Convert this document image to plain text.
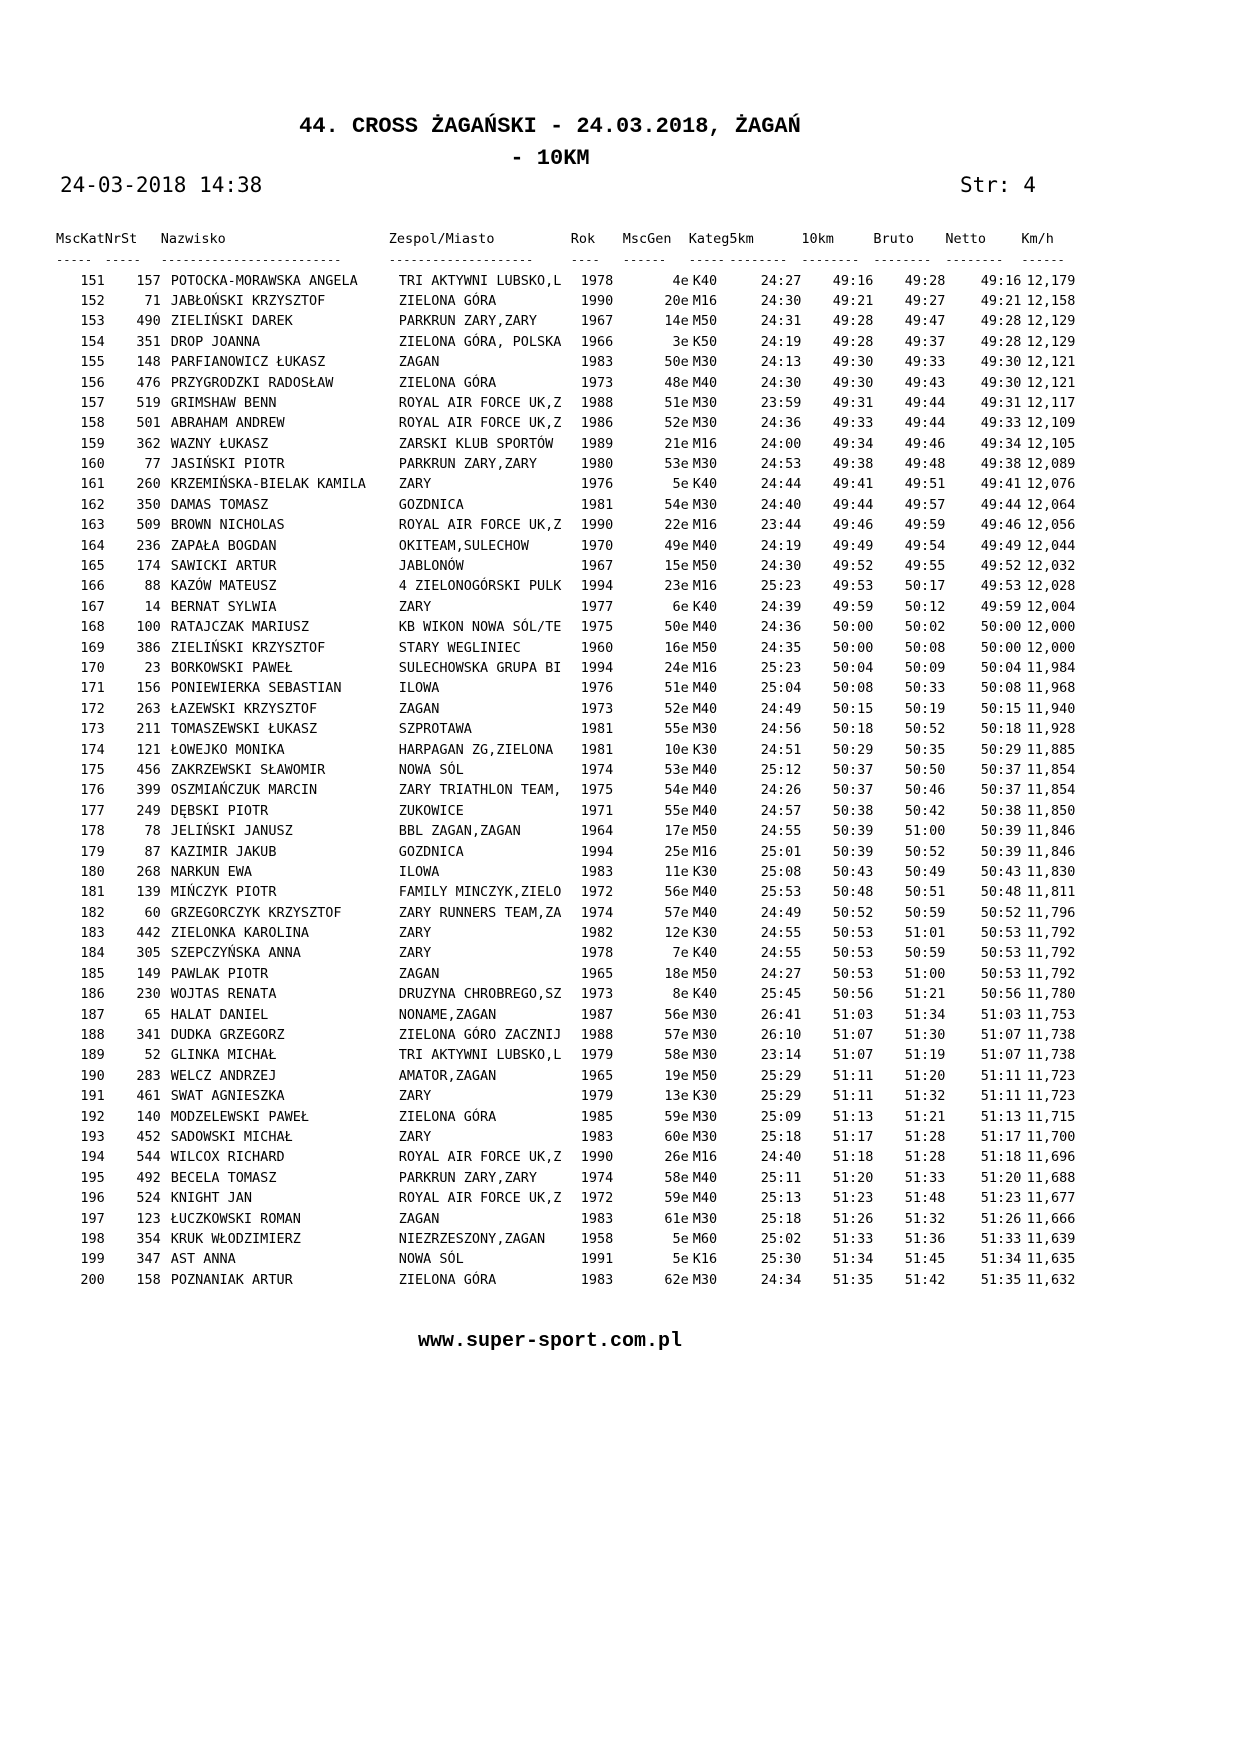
44. CROSS ŻAGAŃSKI - 24.03.2018, ŻAGAŃ
- 10KM
24-03-2018 14:38	Str: 4
MscKat	NrSt	Nazwisko	Zespol/Miasto	Rok	MscGen	Kateg	5km	10km	Bruto	Netto	Km/h
-----	-----	-------------------------	--------------------	----	------	-----	--------	--------	--------	--------	------
151	157	POTOCKA-MORAWSKA ANGELA	TRI AKTYWNI LUBSKO,L	1978	4e	K40	24:27	49:16	49:28	49:16	12,179
152	71	JABŁOŃSKI KRZYSZTOF	ZIELONA GÓRA	1990	20e	M16	24:30	49:21	49:27	49:21	12,158
153	490	ZIELIŃSKI DAREK	PARKRUN ZARY,ZARY	1967	14e	M50	24:31	49:28	49:47	49:28	12,129
154	351	DROP JOANNA	ZIELONA GÓRA, POLSKA	1966	3e	K50	24:19	49:28	49:37	49:28	12,129
155	148	PARFIANOWICZ ŁUKASZ	ZAGAN	1983	50e	M30	24:13	49:30	49:33	49:30	12,121
156	476	PRZYGRODZKI RADOSŁAW	ZIELONA GÓRA	1973	48e	M40	24:30	49:30	49:43	49:30	12,121
157	519	GRIMSHAW BENN	ROYAL AIR FORCE UK,Z	1988	51e	M30	23:59	49:31	49:44	49:31	12,117
158	501	ABRAHAM ANDREW	ROYAL AIR FORCE UK,Z	1986	52e	M30	24:36	49:33	49:44	49:33	12,109
159	362	WAZNY ŁUKASZ	ZARSKI KLUB SPORTÓW	1989	21e	M16	24:00	49:34	49:46	49:34	12,105
160	77	JASIŃSKI PIOTR	PARKRUN ZARY,ZARY	1980	53e	M30	24:53	49:38	49:48	49:38	12,089
161	260	KRZEMIŃSKA-BIELAK KAMILA	ZARY	1976	5e	K40	24:44	49:41	49:51	49:41	12,076
162	350	DAMAS TOMASZ	GOZDNICA	1981	54e	M30	24:40	49:44	49:57	49:44	12,064
163	509	BROWN NICHOLAS	ROYAL AIR FORCE UK,Z	1990	22e	M16	23:44	49:46	49:59	49:46	12,056
164	236	ZAPAŁA BOGDAN	OKITEAM,SULECHOW	1970	49e	M40	24:19	49:49	49:54	49:49	12,044
165	174	SAWICKI ARTUR	JABLONÓW	1967	15e	M50	24:30	49:52	49:55	49:52	12,032
166	88	KAZÓW MATEUSZ	4 ZIELONOGÓRSKI PULK	1994	23e	M16	25:23	49:53	50:17	49:53	12,028
167	14	BERNAT SYLWIA	ZARY	1977	6e	K40	24:39	49:59	50:12	49:59	12,004
168	100	RATAJCZAK MARIUSZ	KB WIKON NOWA SÓL/TE	1975	50e	M40	24:36	50:00	50:02	50:00	12,000
169	386	ZIELIŃSKI KRZYSZTOF	STARY WEGLINIEC	1960	16e	M50	24:35	50:00	50:08	50:00	12,000
170	23	BORKOWSKI PAWEŁ	SULECHOWSKA GRUPA BI	1994	24e	M16	25:23	50:04	50:09	50:04	11,984
171	156	PONIEWIERKA SEBASTIAN	ILOWA	1976	51e	M40	25:04	50:08	50:33	50:08	11,968
172	263	ŁAZEWSKI KRZYSZTOF	ZAGAN	1973	52e	M40	24:49	50:15	50:19	50:15	11,940
173	211	TOMASZEWSKI ŁUKASZ	SZPROTAWA	1981	55e	M30	24:56	50:18	50:52	50:18	11,928
174	121	ŁOWEJKO MONIKA	HARPAGAN ZG,ZIELONA	1981	10e	K30	24:51	50:29	50:35	50:29	11,885
175	456	ZAKRZEWSKI SŁAWOMIR	NOWA SÓL	1974	53e	M40	25:12	50:37	50:50	50:37	11,854
176	399	OSZMIAŃCZUK MARCIN	ZARY TRIATHLON TEAM,	1975	54e	M40	24:26	50:37	50:46	50:37	11,854
177	249	DĘBSKI PIOTR	ZUKOWICE	1971	55e	M40	24:57	50:38	50:42	50:38	11,850
178	78	JELIŃSKI JANUSZ	BBL ZAGAN,ZAGAN	1964	17e	M50	24:55	50:39	51:00	50:39	11,846
179	87	KAZIMIR JAKUB	GOZDNICA	1994	25e	M16	25:01	50:39	50:52	50:39	11,846
180	268	NARKUN EWA	ILOWA	1983	11e	K30	25:08	50:43	50:49	50:43	11,830
181	139	MIŃCZYK PIOTR	FAMILY MINCZYK,ZIELO	1972	56e	M40	25:53	50:48	50:51	50:48	11,811
182	60	GRZEGORCZYK KRZYSZTOF	ZARY RUNNERS TEAM,ZA	1974	57e	M40	24:49	50:52	50:59	50:52	11,796
183	442	ZIELONKA KAROLINA	ZARY	1982	12e	K30	24:55	50:53	51:01	50:53	11,792
184	305	SZEPCZYŃSKA ANNA	ZARY	1978	7e	K40	24:55	50:53	50:59	50:53	11,792
185	149	PAWLAK PIOTR	ZAGAN	1965	18e	M50	24:27	50:53	51:00	50:53	11,792
186	230	WOJTAS RENATA	DRUZYNA CHROBREGO,SZ	1973	8e	K40	25:45	50:56	51:21	50:56	11,780
187	65	HALAT DANIEL	NONAME,ZAGAN	1987	56e	M30	26:41	51:03	51:34	51:03	11,753
188	341	DUDKA GRZEGORZ	ZIELONA GÓRO ZACZNIJ	1988	57e	M30	26:10	51:07	51:30	51:07	11,738
189	52	GLINKA MICHAŁ	TRI AKTYWNI LUBSKO,L	1979	58e	M30	23:14	51:07	51:19	51:07	11,738
190	283	WELCZ ANDRZEJ	AMATOR,ZAGAN	1965	19e	M50	25:29	51:11	51:20	51:11	11,723
191	461	SWAT AGNIESZKA	ZARY	1979	13e	K30	25:29	51:11	51:32	51:11	11,723
192	140	MODZELEWSKI PAWEŁ	ZIELONA GÓRA	1985	59e	M30	25:09	51:13	51:21	51:13	11,715
193	452	SADOWSKI MICHAŁ	ZARY	1983	60e	M30	25:18	51:17	51:28	51:17	11,700
194	544	WILCOX RICHARD	ROYAL AIR FORCE UK,Z	1990	26e	M16	24:40	51:18	51:28	51:18	11,696
195	492	BECELA TOMASZ	PARKRUN ZARY,ZARY	1974	58e	M40	25:11	51:20	51:33	51:20	11,688
196	524	KNIGHT JAN	ROYAL AIR FORCE UK,Z	1972	59e	M40	25:13	51:23	51:48	51:23	11,677
197	123	ŁUCZKOWSKI ROMAN	ZAGAN	1983	61e	M30	25:18	51:26	51:32	51:26	11,666
198	354	KRUK WŁODZIMIERZ	NIEZRZESZONY,ZAGAN	1958	5e	M60	25:02	51:33	51:36	51:33	11,639
199	347	AST ANNA	NOWA SÓL	1991	5e	K16	25:30	51:34	51:45	51:34	11,635
200	158	POZNANIAK ARTUR	ZIELONA GÓRA	1983	62e	M30	24:34	51:35	51:42	51:35	11,632
www.super-sport.com.pl
